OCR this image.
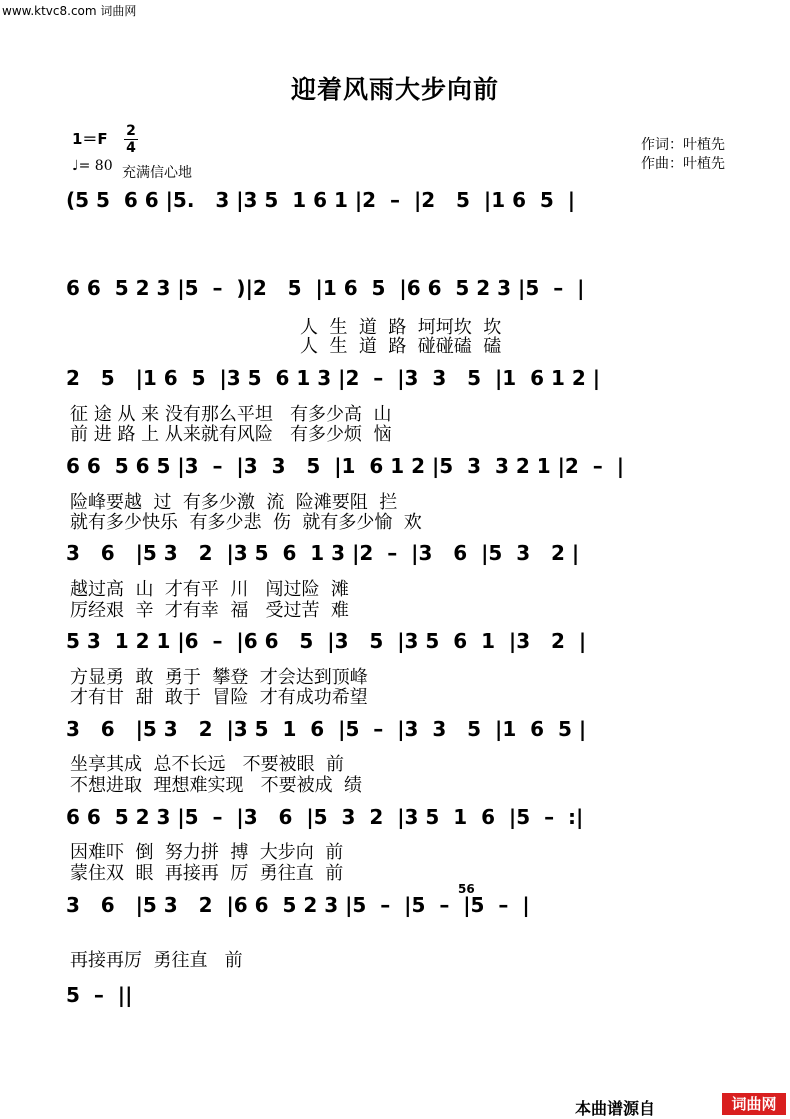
www.ktvc8.com 词曲网
迎着风雨大步向前
1＝F 2
4
♩= 80 充满信心地
作词：叶植先
作曲：叶植先
(5 5  6 6 |5.   3 |3 5  1 6 1 |2  –  |2   5  |1 6  5  |
6 6  5 2 3 |5  –  )|2   5  |1 6  5  |6 6  5 2 3 |5  –  |
2   5   |1 6  5  |3 5  6 1 3 |2  –  |3  3   5  |1  6 1 2 |
6 6  5 6 5 |3  –  |3  3   5  |1  6 1 2 |5  3  3 2 1 |2  –  |
3   6   |5 3   2  |3 5  6  1 3 |2  –  |3   6  |5  3   2 |
5 3  1 2 1 |6  –  |6 6   5  |3   5  |3 5  6  1  |3   2  |
3   6   |5 3   2  |3 5  1  6  |5  –  |3  3   5  |1  6  5 |
6 6  5 2 3 |5  –  |3   6  |5  3  2  |3 5  1  6  |5  –  :|
3   6   |5 3   2  |6 6  5 2 3 |5  –  |5  –  |5  –  |
5  –  ||
56
人  生  道  路  坷坷坎  坎
人  生  道  路  碰碰磕  磕
征 途 从 来 没有那么平坦   有多少高  山
前 进 路 上 从来就有风险   有多少烦  恼
险峰要越  过  有多少激  流  险滩要阻  拦
就有多少快乐  有多少悲  伤  就有多少愉  欢
越过高  山  才有平  川   闯过险  滩
厉经艰  辛  才有幸  福   受过苦  难
方显勇  敢  勇于  攀登  才会达到顶峰
才有甘  甜  敢于  冒险  才有成功希望
坐享其成  总不长远   不要被眼  前
不想进取  理想难实现   不要被成  绩
因难吓  倒  努力拼  搏  大步向  前
蒙住双  眼  再接再  厉  勇往直  前
再接再厉  勇往直   前
本曲谱源自	词曲网
